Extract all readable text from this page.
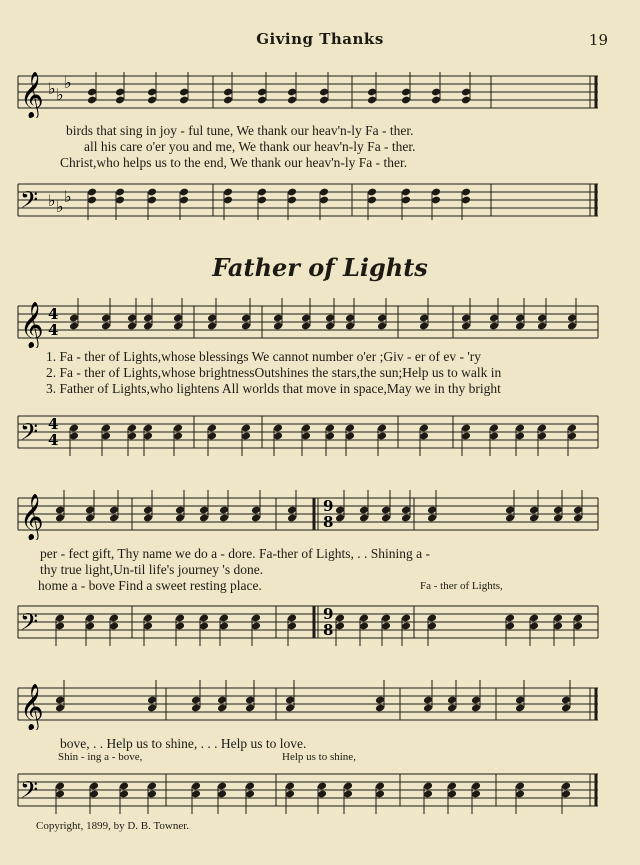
Giving Thanks	19
𝄞 ♭ ♭
♭
birds that sing in joy - ful tune, We thank our heav'n-ly Fa - ther.
all his care o'er you and me, We thank our heav'n-ly Fa - ther.
Christ,who helps us to the end, We thank our heav'n-ly Fa - ther.
𝄢 ♭ ♭
♭
Father of Lights
𝄞 4
4
1. Fa - ther of Lights,whose blessings We cannot number o'er ;Giv - er of ev - 'ry
2. Fa - ther of Lights,whose brightnessOutshines the stars,the sun;Help us to walk in
3. Father of Lights,who lightens All worlds that move in space,May we in thy bright
𝄢 4
4
𝄞	9
8
per - fect gift, Thy name we do a - dore. Fa-ther of Lights, . . Shining a -
thy true light,Un-til life's journey 's done.
home a - bove Find a sweet resting place.	Fa - ther of Lights,
𝄢	9
8
𝄞
bove, . . Help us to shine, . . . Help us to love.
Shin - ing a - bove,	Help us to shine,
𝄢
Copyright, 1899, by D. B. Towner.
